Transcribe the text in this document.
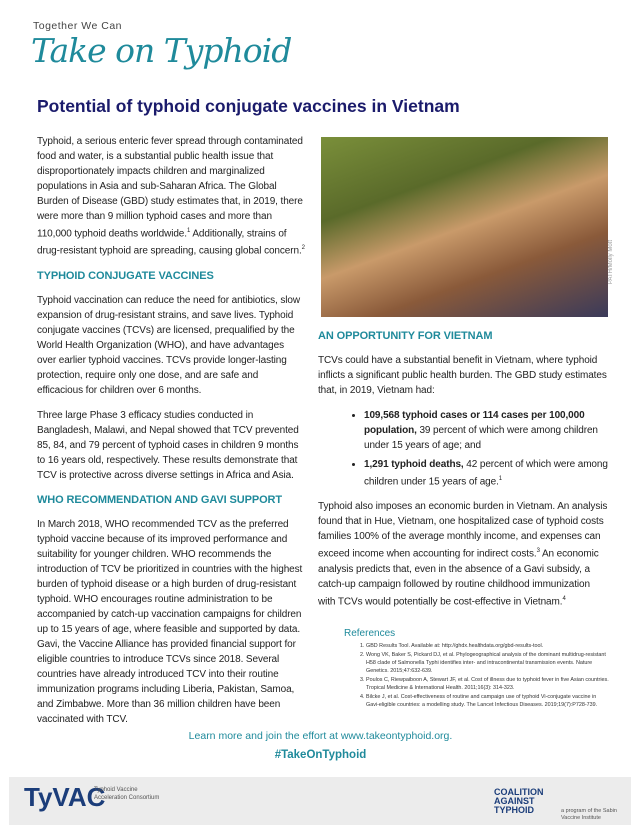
Together We Can
Take on Typhoid
Potential of typhoid conjugate vaccines in Vietnam

Typhoid, a serious enteric fever spread through contaminated food and water, is a substantial public health issue that disproportionately impacts children and marginalized populations in Asia and sub-Saharan Africa. The Global Burden of Disease (GBD) study estimates that, in 2019, there were more than 9 million typhoid cases and more than 110,000 typhoid deaths worldwide.$^1$ Additionally, strains of drug-resistant typhoid are spreading, causing global concern.$^2$

TYPHOID CONJUGATE VACCINES

Typhoid vaccination can reduce the need for antibiotics, slow expansion of drug-resistant strains, and save lives. Typhoid conjugate vaccines (TCVs) are licensed, prequalified by the World Health Organization (WHO), and have advantages over earlier typhoid vaccines. TCVs provide longer-lasting protection, require only one dose, and are safe and efficacious for children over 6 months.

Three large Phase 3 efficacy studies conducted in Bangladesh, Malawi, and Nepal showed that TCV prevented 85, 84, and 79 percent of typhoid cases in children 9 months to 16 years old, respectively. These results demonstrate that TCV is protective across diverse settings in Africa and Asia.

WHO RECOMMENDATION AND GAVI SUPPORT

In March 2018, WHO recommended TCV as the preferred typhoid vaccine because of its improved performance and suitability for younger children. WHO recommends the introduction of TCV be prioritized in countries with the highest burden of typhoid disease or a high burden of drug-resistant typhoid. WHO encourages routine administration to be accompanied by catch-up vaccination campaigns for children up to 15 years of age, where feasible and supported by data. Gavi, the Vaccine Alliance has provided financial support for eligible countries to introduce TCVs since 2018. Several countries have already introduced TCV into their routine immunization programs including Liberia, Pakistan, Samoa, and Zimbabwe. More than 36 million children have been vaccinated with TCV.

PATH/Molly Mott
AN OPPORTUNITY FOR VIETNAM

TCVs could have a substantial benefit in Vietnam, where typhoid inflicts a significant public health burden. The GBD study estimates that, in 2019, Vietnam had:

• 109,568 typhoid cases or 114 cases per 100,000 population, 39 percent of which were among children under 15 years of age; and
• 1,291 typhoid deaths, 42 percent of which were among children under 15 years of age.$^1$

Typhoid also imposes an economic burden in Vietnam. An analysis found that in Hue, Vietnam, one hospitalized case of typhoid costs families 100% of the average monthly income, and expenses can exceed income when accounting for indirect costs.$^3$ An economic analysis predicts that, even in the absence of a Gavi subsidy, a catch-up campaign followed by routine childhood immunization with TCVs would potentially be cost-effective in Vietnam.$^4$

References
1. GBD Results Tool. Available at: http://ghdx.healthdata.org/gbd-results-tool.
2. Wong VK, Baker S, Pickard DJ, et al. Phylogeographical analysis of the dominant multidrug-resistant H58 clade of Salmonella Typhi identifies inter- and intracontinental transmission events. Nature Genetics. 2015;47:632-639.
3. Poulos C, Riewpaiboon A, Stewart JF, et al. Cost of illness due to typhoid fever in five Asian countries. Tropical Medicine & International Health. 2011;16(3): 314-323.
4. Bilcke J, et al. Cost-effectiveness of routine and campaign use of typhoid Vi-conjugate vaccine in Gavi-eligible countries: a modelling study. The Lancet Infectious Diseases. 2019;19(7):P728-739.
Learn more and join the effort at www.takeontyphoid.org.
#TakeOnTyphoid
TyVAC
Typhoid Vaccine Acceleration Consortium
COALITION AGAINST TYPHOID	a program of the Sabin Vaccine Institute
